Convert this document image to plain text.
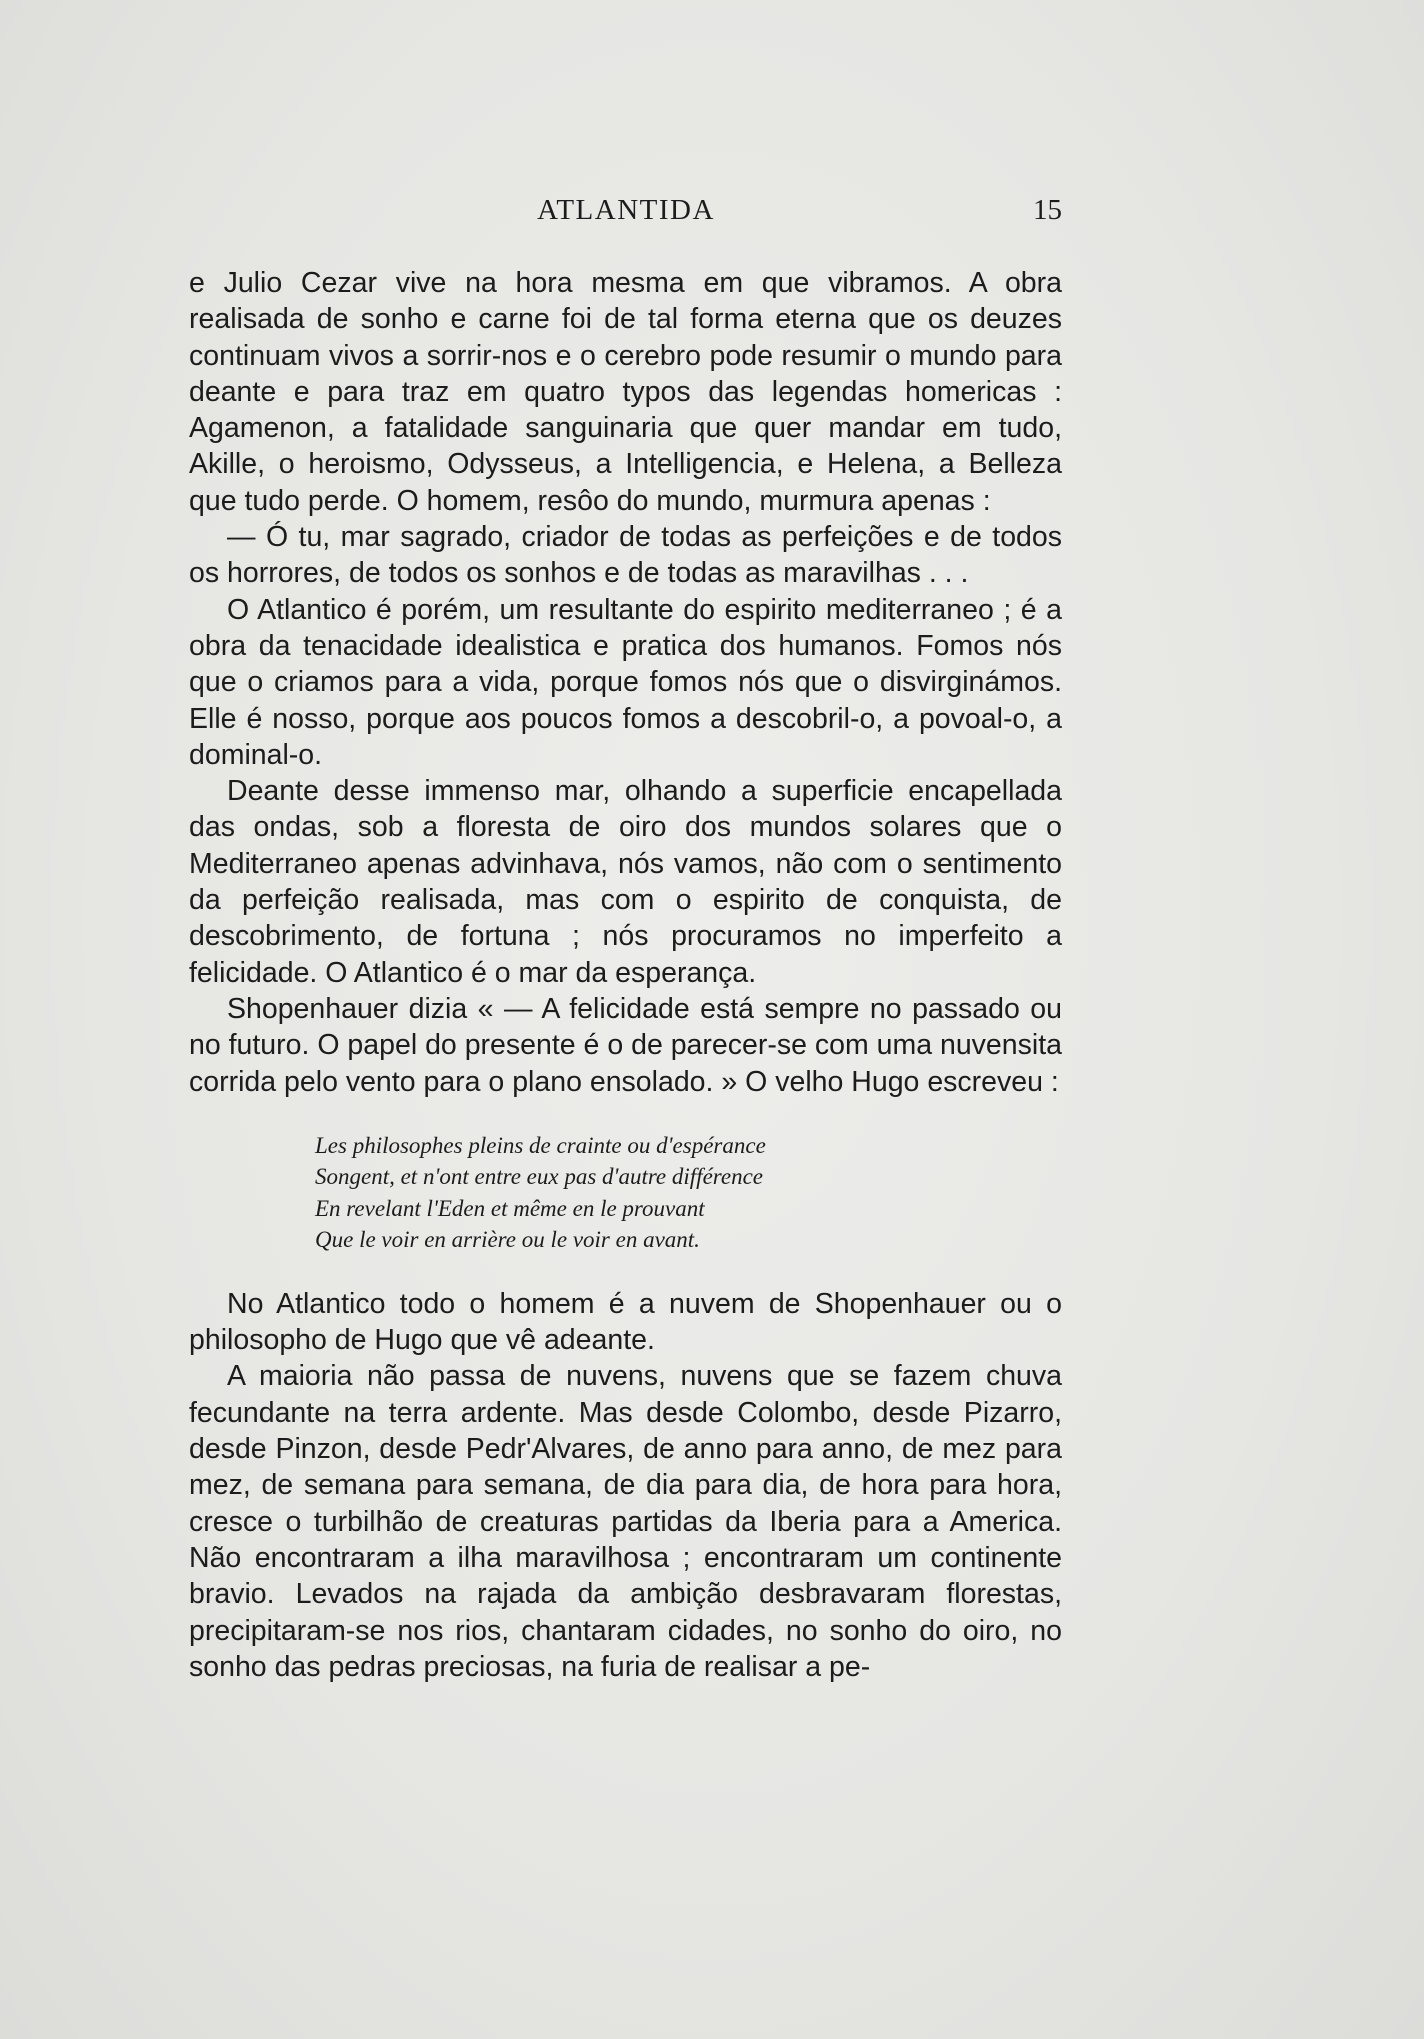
ATLANTIDA	15

e Julio Cezar vive na hora mesma em que vibramos. A obra realisada de sonho e carne foi de tal forma eterna que os deuzes continuam vivos a sorrir-nos e o cerebro pode resumir o mundo para deante e para traz em quatro typos das legendas homericas : Agamenon, a fatalidade sanguinaria que quer mandar em tudo, Akille, o heroismo, Odysseus, a Intelligencia, e Helena, a Belleza que tudo perde. O homem, resôo do mundo, murmura apenas :

— Ó tu, mar sagrado, criador de todas as perfeições e de todos os horrores, de todos os sonhos e de todas as maravilhas . . .

O Atlantico é porém, um resultante do espirito mediterraneo ; é a obra da tenacidade idealistica e pratica dos humanos. Fomos nós que o criamos para a vida, porque fomos nós que o disvirginámos. Elle é nosso, porque aos poucos fomos a descobril-o, a povoal-o, a dominal-o.

Deante desse immenso mar, olhando a superficie encapellada das ondas, sob a floresta de oiro dos mundos solares que o Mediterraneo apenas advinhava, nós vamos, não com o sentimento da perfeição realisada, mas com o espirito de conquista, de descobrimento, de fortuna ; nós procuramos no imperfeito a felicidade. O Atlantico é o mar da esperança.

Shopenhauer dizia « — A felicidade está sempre no passado ou no futuro. O papel do presente é o de parecer-se com uma nuvensita corrida pelo vento para o plano ensolado. » O velho Hugo escreveu :

Les philosophes pleins de crainte ou d'espérance
Songent, et n'ont entre eux pas d'autre différence
En revelant l'Eden et même en le prouvant
Que le voir en arrière ou le voir en avant.

No Atlantico todo o homem é a nuvem de Shopenhauer ou o philosopho de Hugo que vê adeante.

A maioria não passa de nuvens, nuvens que se fazem chuva fecundante na terra ardente. Mas desde Colombo, desde Pizarro, desde Pinzon, desde Pedr'Alvares, de anno para anno, de mez para mez, de semana para semana, de dia para dia, de hora para hora, cresce o turbilhão de creaturas partidas da Iberia para a America. Não encontraram a ilha maravilhosa ; encontraram um continente bravio. Levados na rajada da ambição desbravaram florestas, precipitaram-se nos rios, chantaram cidades, no sonho do oiro, no sonho das pedras preciosas, na furia de realisar a pe-
